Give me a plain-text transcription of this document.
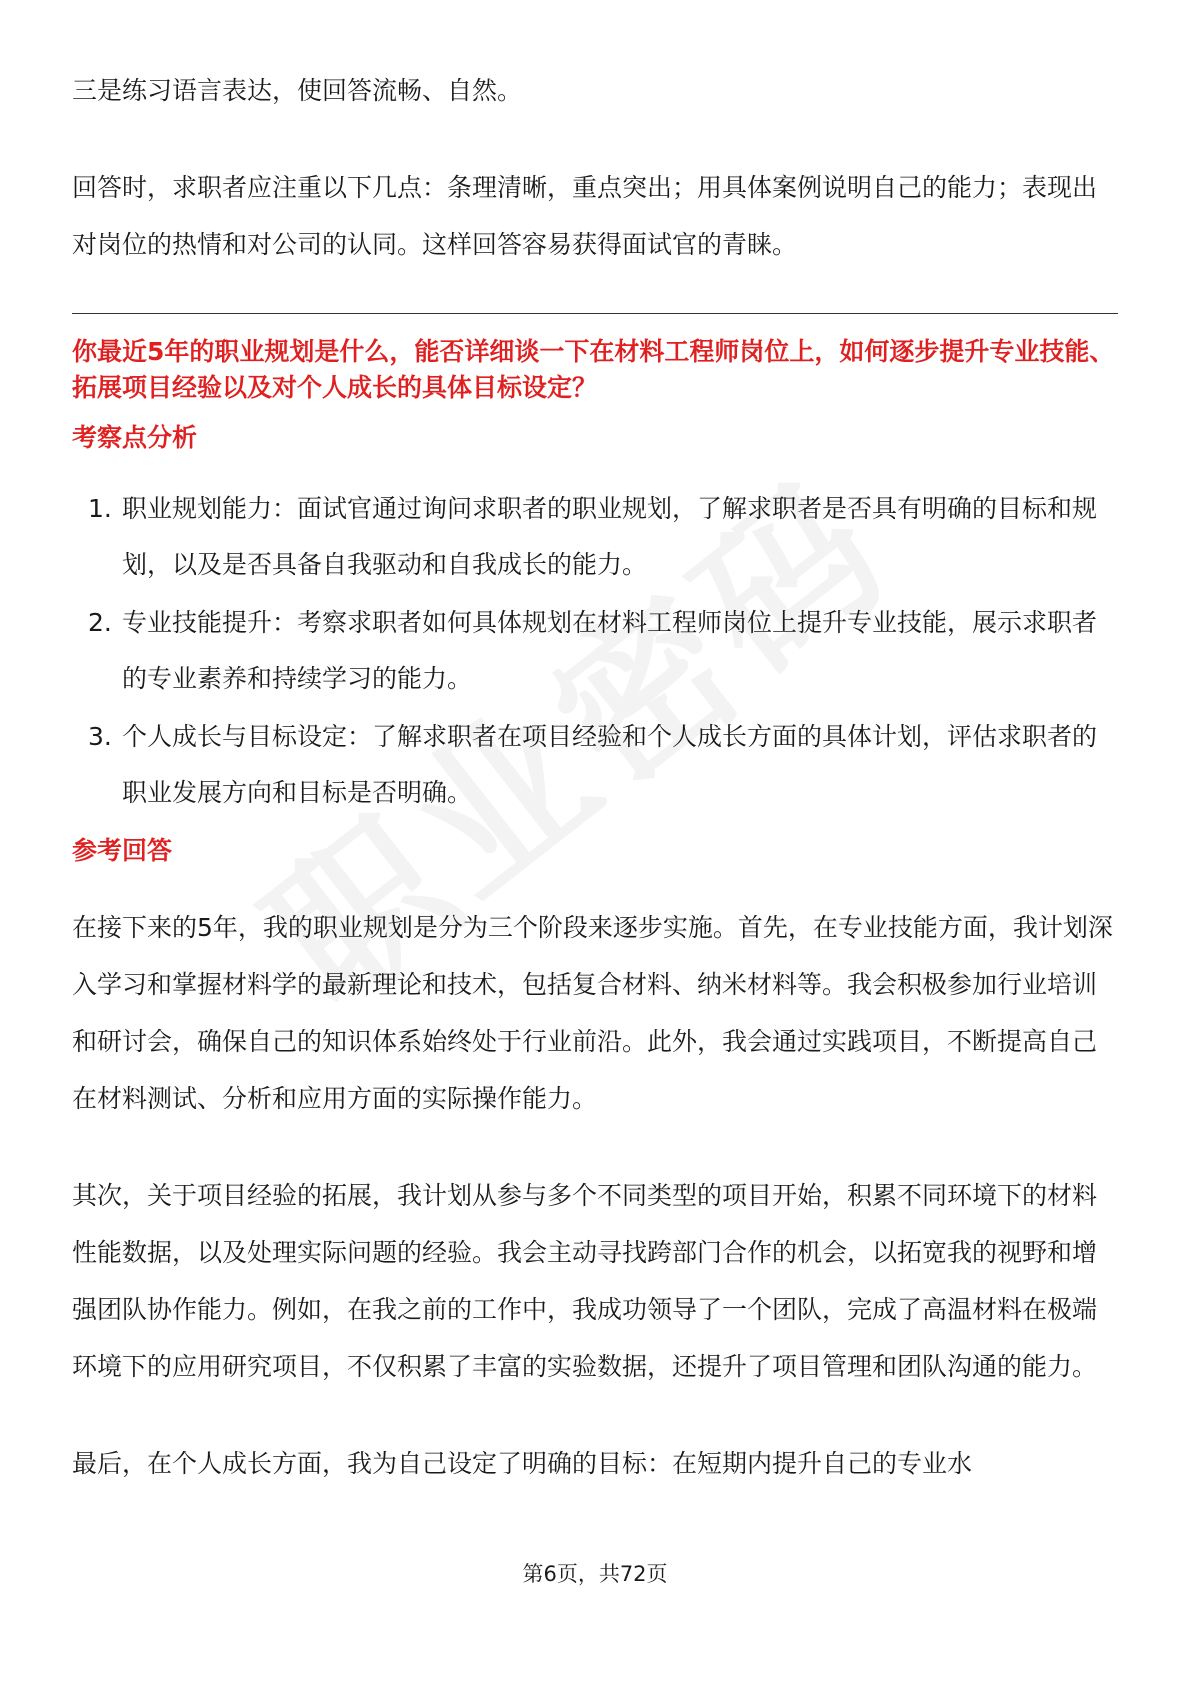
三是练习语言表达，使回答流畅、自然。

回答时，求职者应注重以下几点：条理清晰，重点突出；用具体案例说明自己的能力；表现出对岗位的热情和对公司的认同。这样回答容易获得面试官的青睐。

你最近5年的职业规划是什么，能否详细谈一下在材料工程师岗位上，如何逐步提升专业技能、拓展项目经验以及对个人成长的具体目标设定？

考察点分析

1. 职业规划能力：面试官通过询问求职者的职业规划，了解求职者是否具有明确的目标和规划，以及是否具备自我驱动和自我成长的能力。
2. 专业技能提升：考察求职者如何具体规划在材料工程师岗位上提升专业技能，展示求职者的专业素养和持续学习的能力。
3. 个人成长与目标设定：了解求职者在项目经验和个人成长方面的具体计划，评估求职者的职业发展方向和目标是否明确。

参考回答

在接下来的5年，我的职业规划是分为三个阶段来逐步实施。首先，在专业技能方面，我计划深入学习和掌握材料学的最新理论和技术，包括复合材料、纳米材料等。我会积极参加行业培训和研讨会，确保自己的知识体系始终处于行业前沿。此外，我会通过实践项目，不断提高自己在材料测试、分析和应用方面的实际操作能力。

其次，关于项目经验的拓展，我计划从参与多个不同类型的项目开始，积累不同环境下的材料性能数据，以及处理实际问题的经验。我会主动寻找跨部门合作的机会，以拓宽我的视野和增强团队协作能力。例如，在我之前的工作中，我成功领导了一个团队，完成了高温材料在极端环境下的应用研究项目，不仅积累了丰富的实验数据，还提升了项目管理和团队沟通的能力。

最后，在个人成长方面，我为自己设定了明确的目标：在短期内提升自己的专业水

第6页，共72页
